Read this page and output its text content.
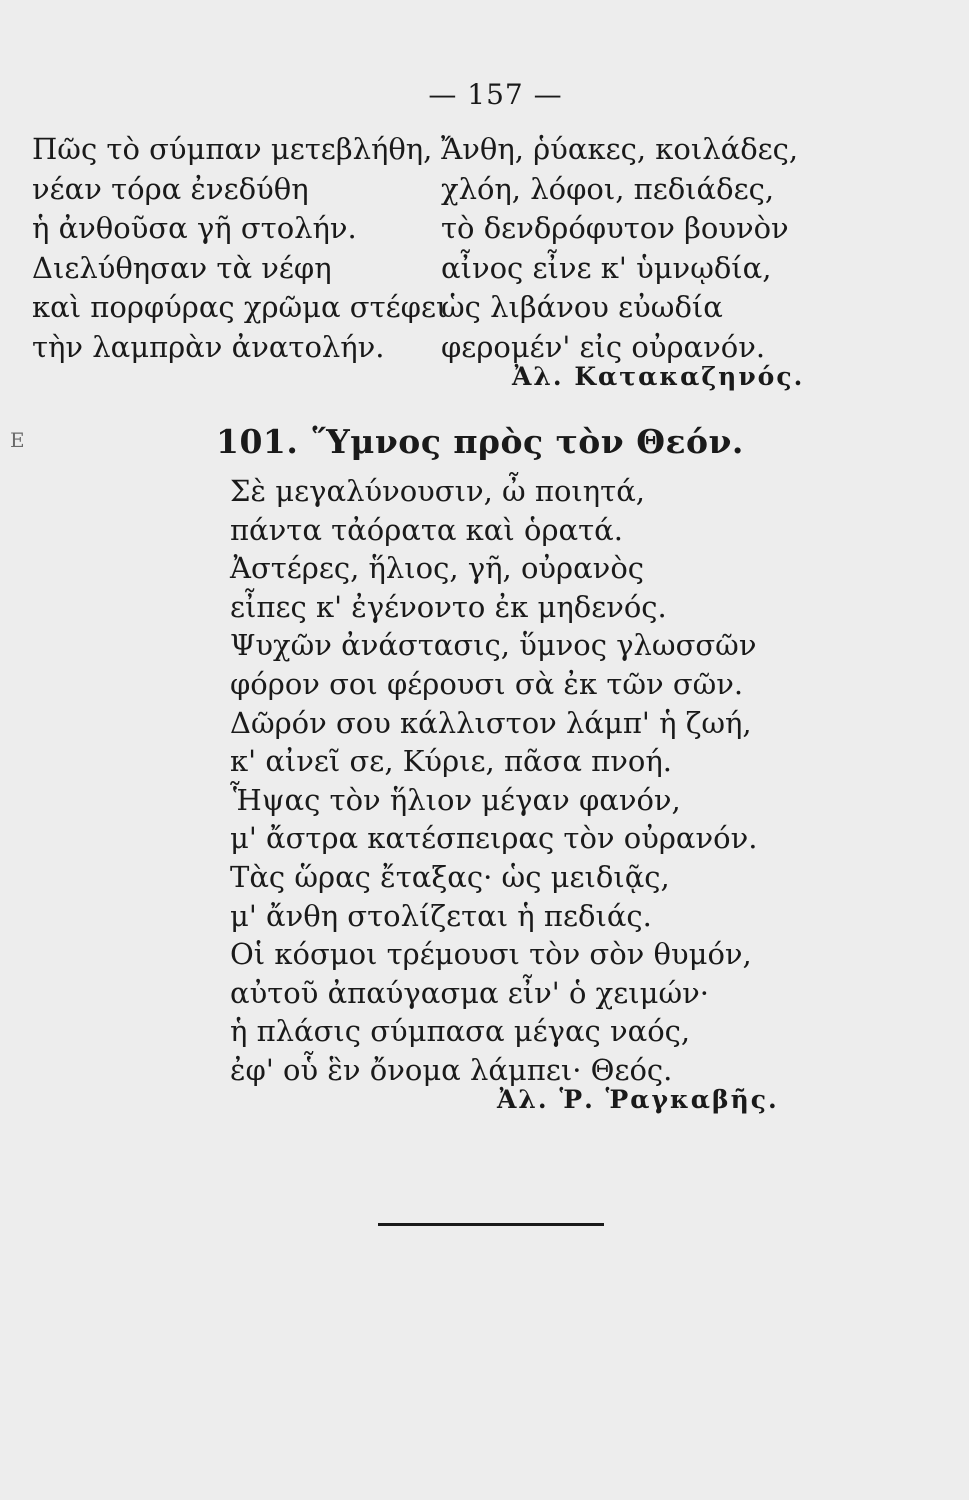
— 157 —
E
Πῶς τὸ σύμπαν μετεβλήθη,
νέαν τόρα ἐνεδύθη
ἡ ἀνθοῦσα γῆ στολήν.
Διελύθησαν τὰ νέφη
καὶ πορφύρας χρῶμα στέφει
τὴν λαμπρὰν ἀνατολήν.
Ἄνθη, ῥύακες, κοιλάδες,
χλόη, λόφοι, πεδιάδες,
τὸ δενδρόφυτον βουνὸν
αἶνος εἶνε κ' ὑμνῳδία,
ὡς λιβάνου εὐωδία
φερομέν' εἰς οὐρανόν.
Ἀλ. Κατακαζηνός.
101. Ὕμνος πρὸς τὸν Θεόν.
Σὲ μεγαλύνουσιν, ὦ ποιητά,
πάντα τἀόρατα καὶ ὁρατά.
Ἀστέρες, ἥλιος, γῆ, οὐρανὸς
εἶπες κ' ἐγένοντο ἐκ μηδενός.
Ψυχῶν ἀνάστασις, ὕμνος γλωσσῶν
φόρον σοι φέρουσι σὰ ἐκ τῶν σῶν.
Δῶρόν σου κάλλιστον λάμπ' ἡ ζωή,
κ' αἰνεῖ σε, Κύριε, πᾶσα πνοή.
Ἧψας τὸν ἥλιον μέγαν φανόν,
μ' ἄστρα κατέσπειρας τὸν οὐρανόν.
Τὰς ὥρας ἔταξας· ὡς μειδιᾷς,
μ' ἄνθη στολίζεται ἡ πεδιάς.
Οἱ κόσμοι τρέμουσι τὸν σὸν θυμόν,
αὐτοῦ ἀπαύγασμα εἶν' ὁ χειμών·
ἡ πλάσις σύμπασα μέγας ναός,
ἐφ' οὗ ἓν ὄνομα λάμπει· Θεός.
Ἀλ. Ῥ. Ῥαγκαβῆς.
